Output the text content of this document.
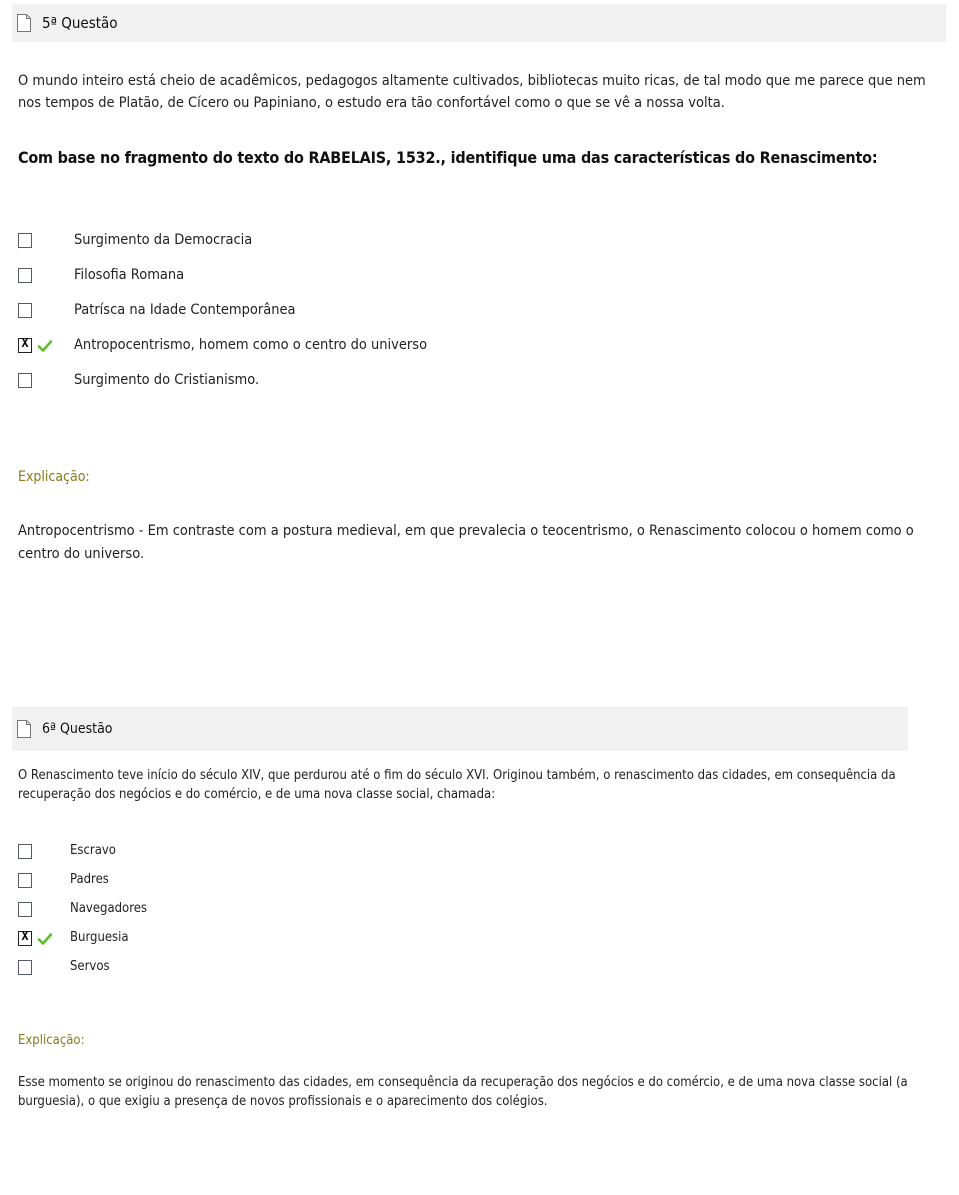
5ª Questão
O mundo inteiro está cheio de acadêmicos, pedagogos altamente cultivados, bibliotecas muito ricas, de tal modo que me parece que nem nos tempos de Platão, de Cícero ou Papiniano, o estudo era tão confortável como o que se vê a nossa volta.
Com base no fragmento do texto do RABELAIS, 1532., identifique uma das características do Renascimento:
Surgimento da Democracia
Filosofia Romana
Patrísca na Idade Contemporânea
X
Antropocentrismo, homem como o centro do universo
Surgimento do Cristianismo.
Explicação:
Antropocentrismo - Em contraste com a postura medieval, em que prevalecia o teocentrismo, o Renascimento colocou o homem como o centro do universo.
6ª Questão
O Renascimento teve início do século XIV, que perdurou até o fim do século XVI. Originou também, o renascimento das cidades, em consequência da recuperação dos negócios e do comércio, e de uma nova classe social, chamada:
Escravo
Padres
Navegadores
X
Burguesia
Servos
Explicação:
Esse momento se originou do renascimento das cidades, em consequência da recuperação dos negócios e do comércio, e de uma nova classe social (a burguesia), o que exigiu a presença de novos profissionais e o aparecimento dos colégios.
